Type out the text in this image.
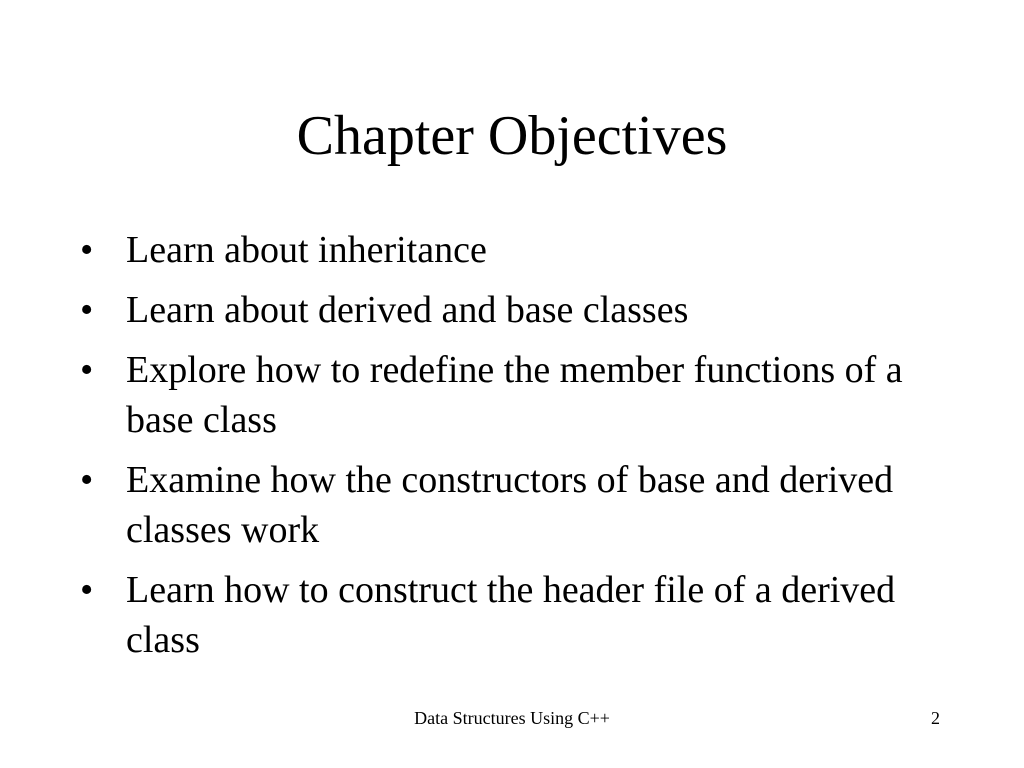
Chapter Objectives
• Learn about inheritance
• Learn about derived and base classes
• Explore how to redefine the member functions of a base class
• Examine how the constructors of base and derived classes work
• Learn how to construct the header file of a derived class
Data Structures Using C++	2
